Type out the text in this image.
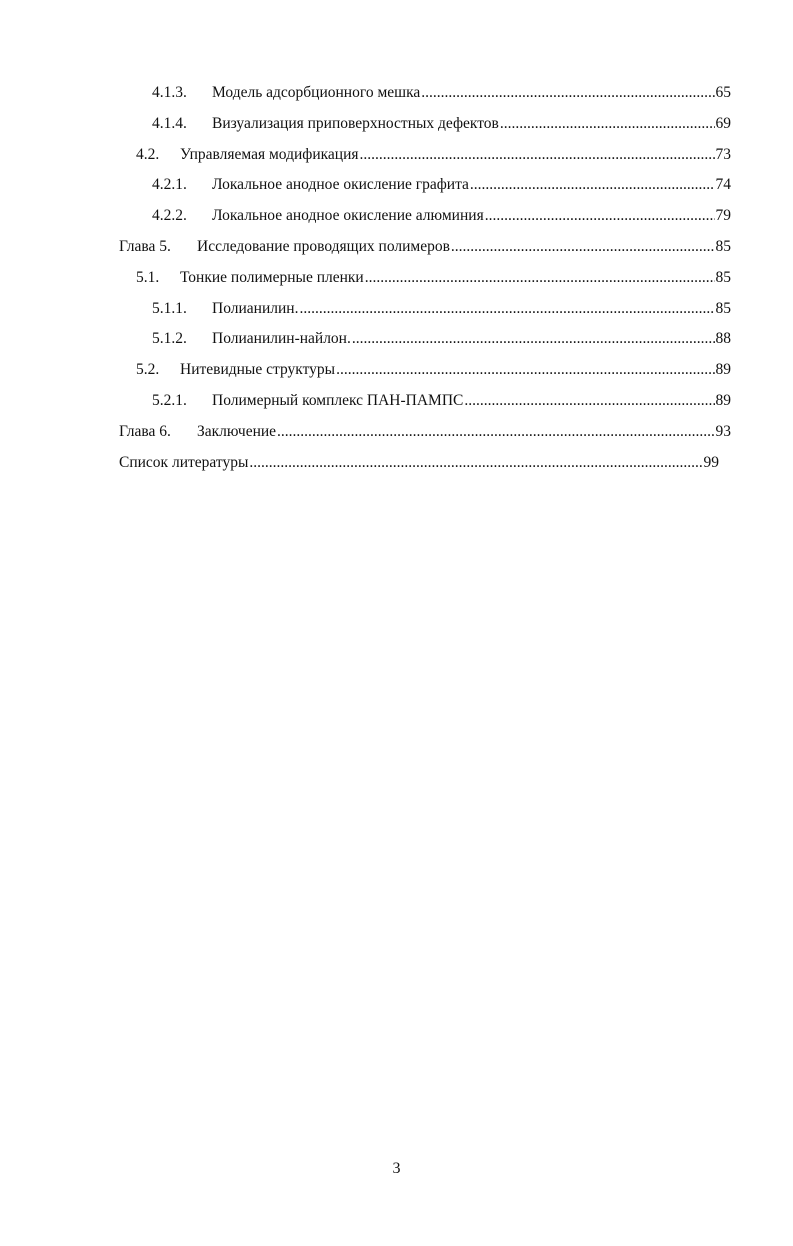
4.1.3. Модель адсорбционного мешка .....	65
4.1.4. Визуализация приповерхностных дефектов .....	69
4.2. Управляемая модификация .....	73
4.2.1. Локальное анодное окисление графита .....	74
4.2.2. Локальное анодное окисление алюминия .....	79
Глава 5. Исследование проводящих полимеров .....	85
5.1. Тонкие полимерные пленки .....	85
5.1.1. Полианилин. .....	85
5.1.2. Полианилин-найлон. .....	88
5.2. Нитевидные структуры .....	89
5.2.1. Полимерный комплекс ПАН-ПАМПС .....	89
Глава 6. Заключение .....	93
Список литературы .....	99
3
